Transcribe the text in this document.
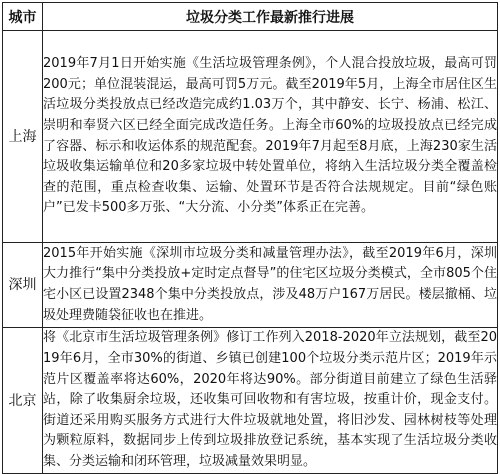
城市	垃圾分类工作最新推行进展
上海	2019年7月1日开始实施《生活垃圾管理条例》，个人混合投放垃圾，最高可罚200元；单位混装混运，最高可罚5万元。截至2019年5月，上海全市居住区生活垃圾分类投放点已经改造完成约1.03万个，其中静安、长宁、杨浦、松江、崇明和奉贤六区已经全面完成改造任务。上海全市60%的垃圾投放点已经完成了容器、标示和收运体系的规范配套。2019年7月起至8月底，上海230家生活垃圾收集运输单位和20多家垃圾中转处置单位，将纳入生活垃圾分类全覆盖检查的范围，重点检查收集、运输、处置环节是否符合法规规定。目前“绿色账户”已发卡500多万张、“大分流、小分类”体系正在完善。
深圳	2015年开始实施《深圳市垃圾分类和减量管理办法》，截至2019年6月，深圳大力推行“集中分类投放+定时定点督导”的住宅区垃圾分类模式，全市805个住宅小区已设置2348个集中分类投放点，涉及48万户167万居民。楼层撤桶、垃圾处理费随袋征收也在推进。
北京	将《北京市生活垃圾管理条例》修订工作列入2018-2020年立法规划，截至2019年6月，全市30%的街道、乡镇已创建100个垃圾分类示范片区；2019年示范片区覆盖率将达60%，2020年将达90%。部分街道目前建立了绿色生活驿站，除了收集厨余垃圾，还收集可回收物和有害垃圾，按重计价，现金支付。街道还采用购买服务方式进行大件垃圾就地处置，将旧沙发、园林树枝等处理为颗粒原料，数据同步上传到垃圾排放登记系统，基本实现了生活垃圾分类收集、分类运输和闭环管理，垃圾减量效果明显。
